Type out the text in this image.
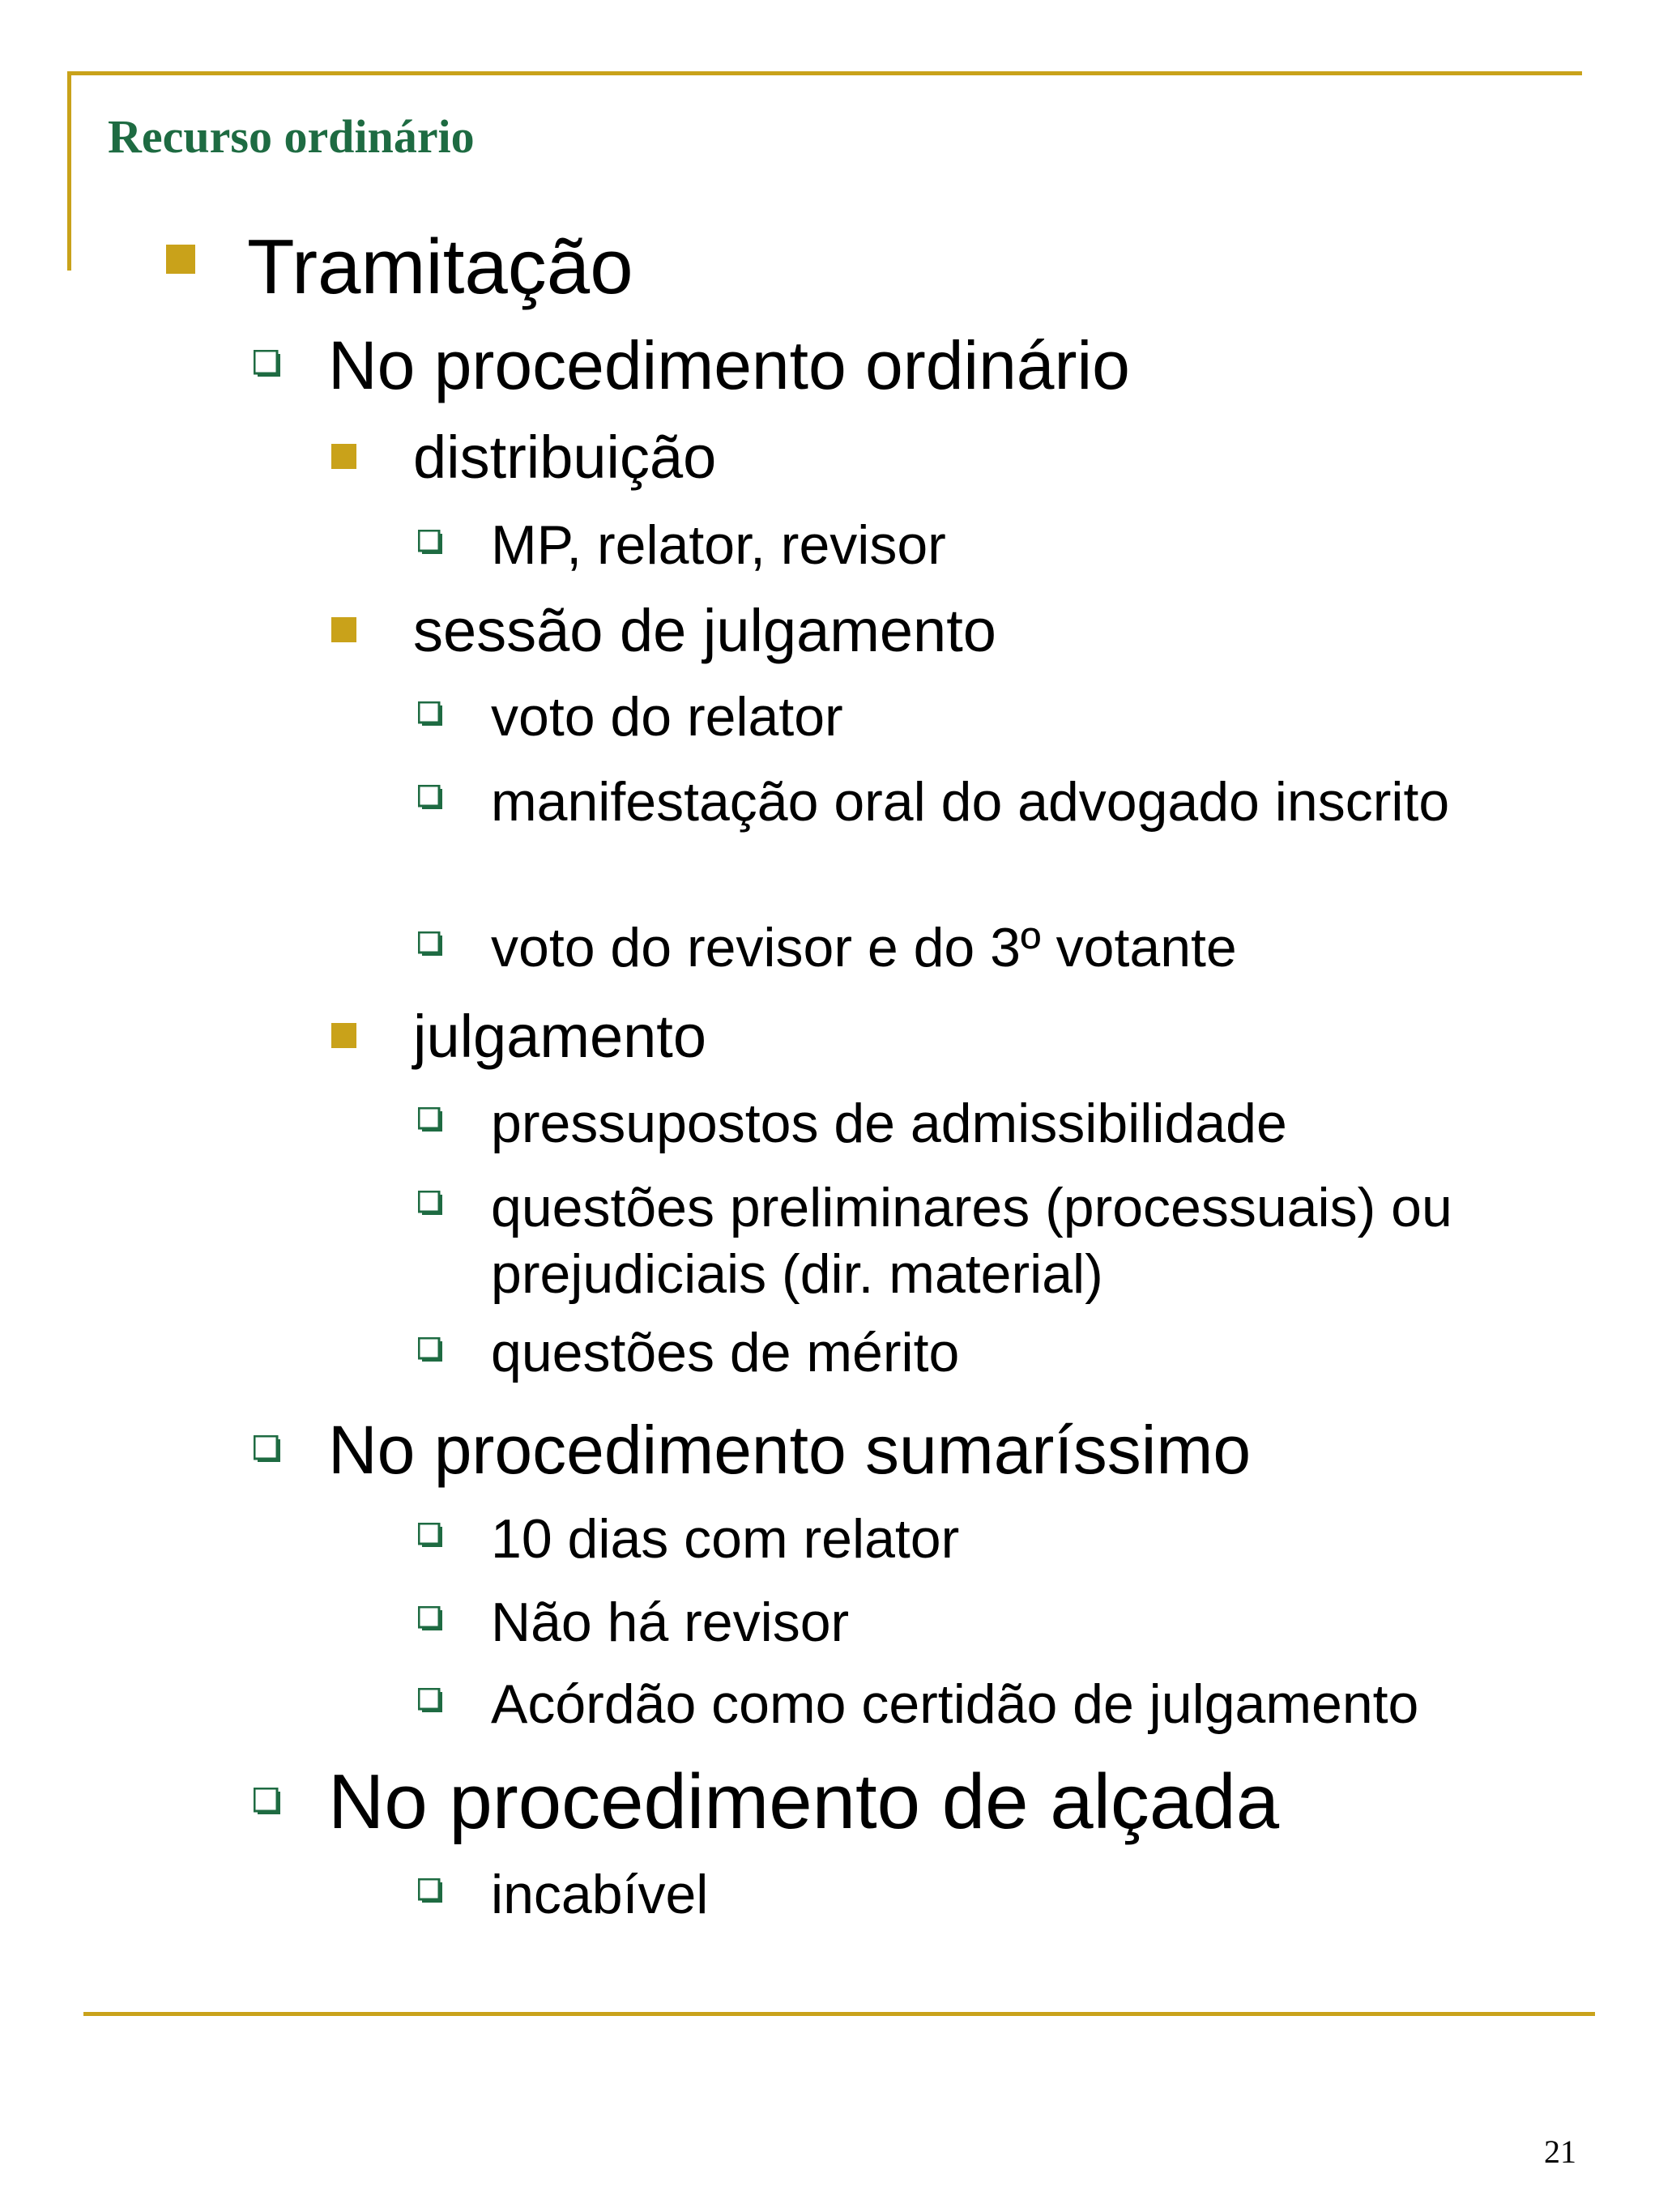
Recurso ordinário
Tramitação
No procedimento ordinário
distribuição
MP, relator, revisor
sessão de julgamento
voto do relator
manifestação oral do advogado inscrito
voto do revisor e do 3º votante
julgamento
pressupostos de admissibilidade
questões preliminares (processuais) ou prejudiciais (dir. material)
questões de mérito
No procedimento sumaríssimo
10 dias com relator
Não há revisor
Acórdão como certidão de julgamento
No procedimento de alçada
incabível
21
